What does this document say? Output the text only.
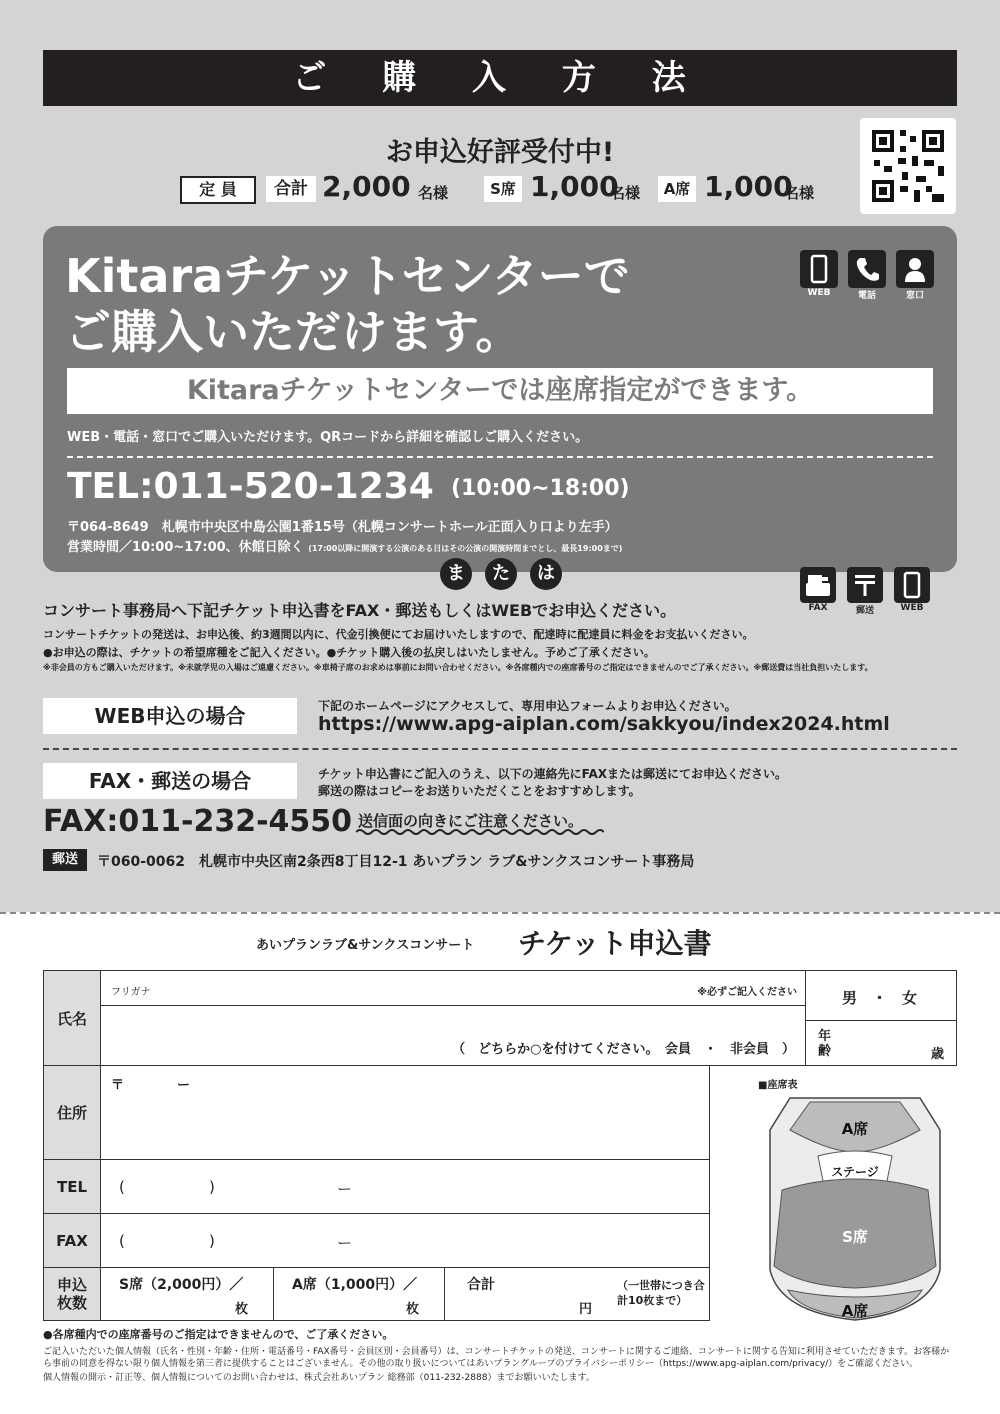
ご 購 入 方 法
お申込好評受付中!
定 員	合計 2,000 名様	S席 1,000
名様	A席 1,000
名様
Kitaraチケットセンターで
ご購入いただけます。
WEB	電話	窓口
Kitaraチケットセンターでは座席指定ができます。
WEB・電話・窓口でご購入いただけます。QRコードから詳細を確認しご購入ください。
TEL:011-520-1234 (10:00~18:00)
〒064-8649　札幌市中央区中島公園1番15号（札幌コンサートホール正面入り口より左手）
営業時間／10:00~17:00、休館日除く (17:00以降に開演する公演のある日はその公演の開演時間までとし、最長19:00まで)
ま	た	は
コンサート事務局へ下記チケット申込書をFAX・郵送もしくはWEBでお申込ください。	FAX	郵送	WEB
コンサートチケットの発送は、お申込後、約3週間以内に、代金引換便にてお届けいたしますので、配達時に配達員に料金をお支払いください。
●お申込の際は、チケットの希望席種をご記入ください。●チケット購入後の払戻しはいたしません。予めご了承ください。
※非会員の方もご購入いただけます。※未就学児の入場はご遠慮ください。※車椅子席のお求めは事前にお問い合わせください。※各席種内での座席番号のご指定はできませんのでご了承ください。※郵送費は当社負担いたします。
WEB申込の場合	下記のホームページにアクセスして、専用申込フォームよりお申込ください。
https://www.apg-aiplan.com/sakkyou/index2024.html
FAX・郵送の場合	チケット申込書にご記入のうえ、以下の連絡先にFAXまたは郵送にてお申込ください。
郵送の際はコピーをお送りいただくことをおすすめします。
FAX:011-232-4550 送信面の向きにご注意ください。
郵送	〒060-0062　札幌市中央区南2条西8丁目12-1 あいプラン ラブ&サンクスコンサート事務局
あいプランラブ&サンクスコンサート チケット申込書
氏名
フリガナ	※必ずご記入ください
（　どちらか○を付けてください。　会員　・　非会員　）
男　・　女
年齢	歳
住所
〒	ー
TEL	(	)	ー
FAX	(	)	ー
申込枚数
S席（2,000円）／
枚
A席（1,000円）／
枚
合計
円
（一世帯につき合計10枚まで）
■座席表
A席
ステージ
S席
A席
●各席種内での座席番号のご指定はできませんので、ご了承ください。
ご記入いただいた個人情報（氏名・性別・年齢・住所・電話番号・FAX番号・会員区別・会員番号）は、コンサートチケットの発送、コンサートに関するご連絡、コンサートに関する告知に利用させていただきます。お客様から事前の同意を得ない限り個人情報を第三者に提供することはございません。その他の取り扱いについてはあいプラングループのプライバシーポリシー（https://www.apg-aiplan.com/privacy/）をご確認ください。
個人情報の開示・訂正等、個人情報についてのお問い合わせは、株式会社あいプラン 総務部（011-232-2888）までお願いいたします。
